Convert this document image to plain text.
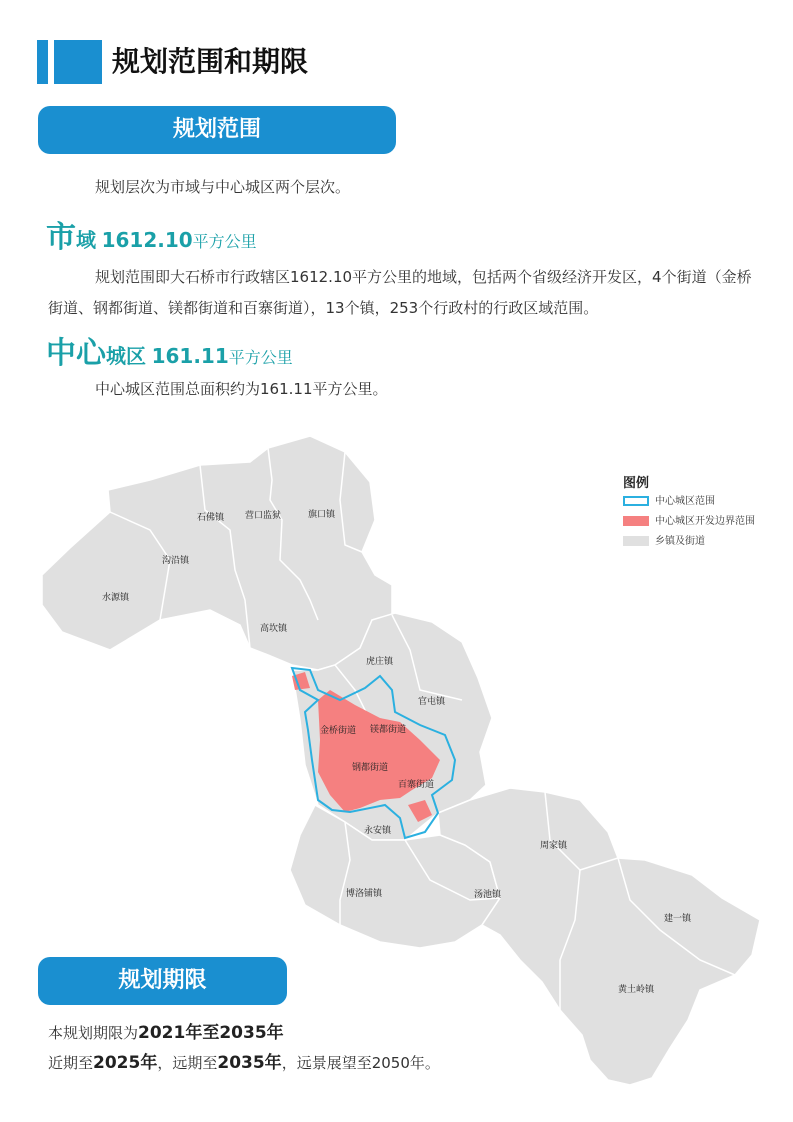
规划范围和期限
规划范围
规划层次为市域与中心城区两个层次。
市域 1612.10平方公里
规划范围即大石桥市行政辖区1612.10平方公里的地域，包括两个省级经济开发区，4个街道（金桥街道、钢都街道、镁都街道和百寨街道），13个镇，253个行政村的行政区域范围。
中心城区 161.11平方公里
中心城区范围总面积约为161.11平方公里。
石佛镇 营口监狱	旗口镇
沟沿镇
水源镇
高坎镇
虎庄镇
官屯镇
金桥街道 镁都街道
钢都街道
百寨街道
永安镇
周家镇
博洛铺镇	汤池镇
建一镇
黄土岭镇
图例
中心城区范围
中心城区开发边界范围
乡镇及街道
规划期限
本规划期限为2021年至2035年
近期至2025年，远期至2035年，远景展望至2050年。
